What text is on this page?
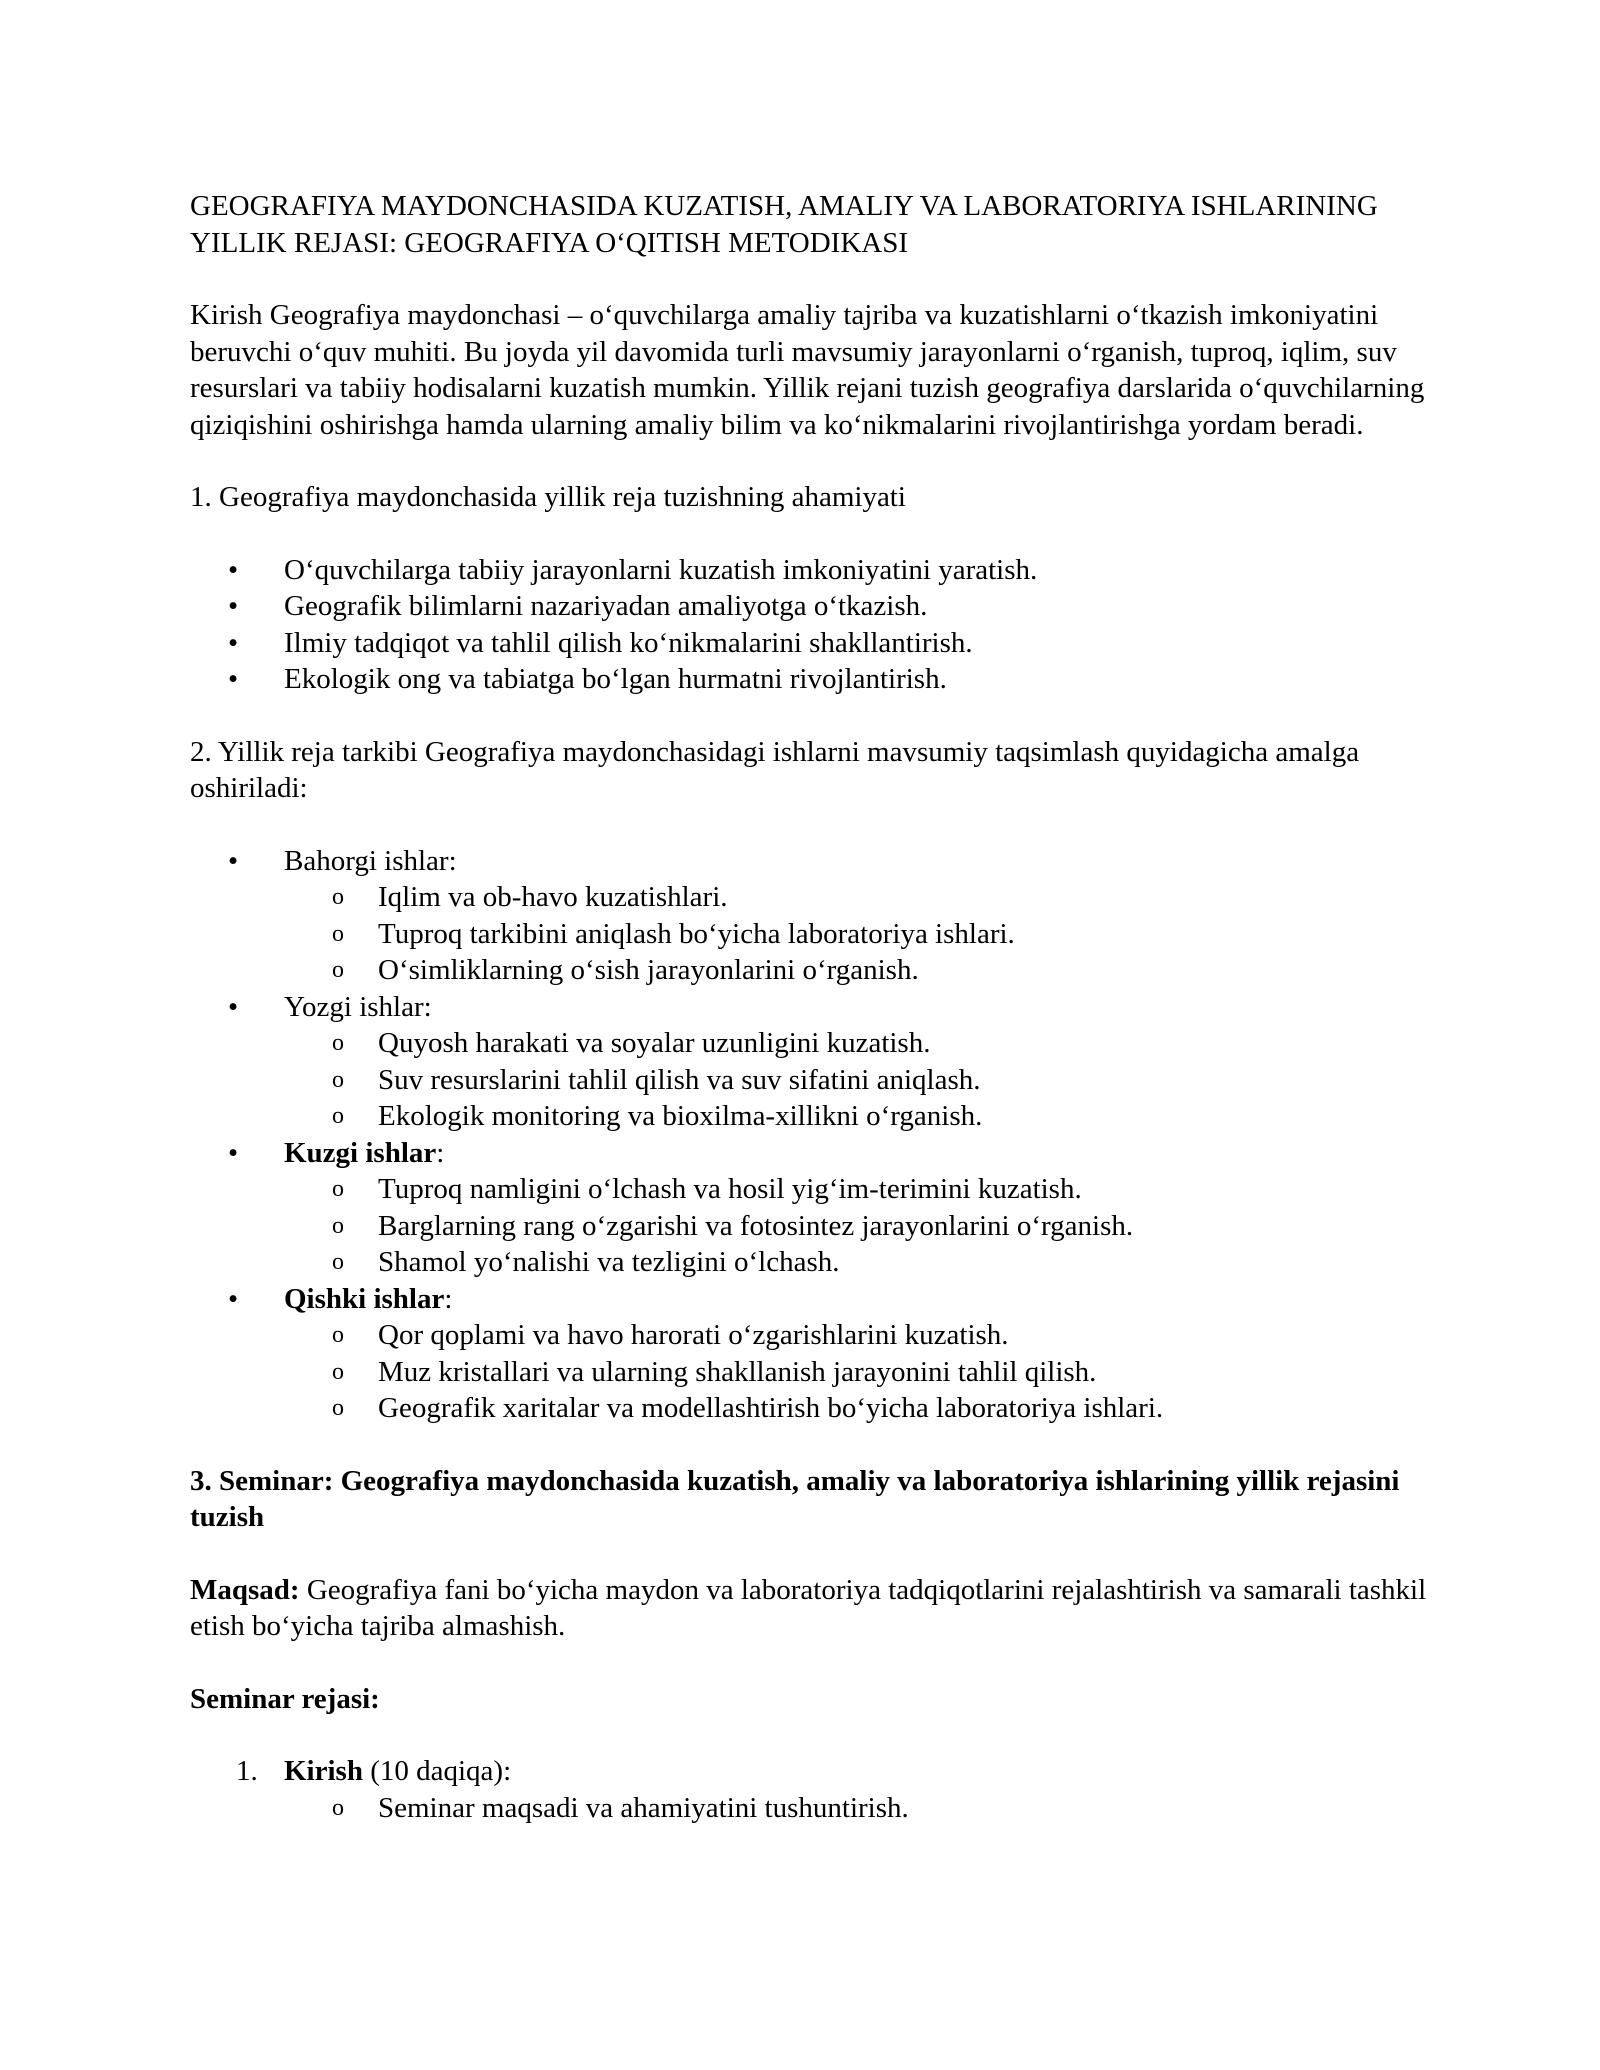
GEOGRAFIYA MAYDONCHASIDA KUZATISH, AMALIY VA LABORATORIYA ISHLARINING YILLIK REJASI: GEOGRAFIYA O‘QITISH METODIKASI

Kirish Geografiya maydonchasi – o‘quvchilarga amaliy tajriba va kuzatishlarni o‘tkazish imkoniyatini beruvchi o‘quv muhiti. Bu joyda yil davomida turli mavsumiy jarayonlarni o‘rganish, tuproq, iqlim, suv resurslari va tabiiy hodisalarni kuzatish mumkin. Yillik rejani tuzish geografiya darslarida o‘quvchilarning qiziqishini oshirishga hamda ularning amaliy bilim va ko‘nikmalarini rivojlantirishga yordam beradi.

1. Geografiya maydonchasida yillik reja tuzishning ahamiyati

•	O‘quvchilarga tabiiy jarayonlarni kuzatish imkoniyatini yaratish.
•	Geografik bilimlarni nazariyadan amaliyotga o‘tkazish.
•	Ilmiy tadqiqot va tahlil qilish ko‘nikmalarini shakllantirish.
•	Ekologik ong va tabiatga bo‘lgan hurmatni rivojlantirish.

2. Yillik reja tarkibi Geografiya maydonchasidagi ishlarni mavsumiy taqsimlash quyidagicha amalga oshiriladi:

•	Bahorgi ishlar:
o Iqlim va ob-havo kuzatishlari.
o Tuproq tarkibini aniqlash bo‘yicha laboratoriya ishlari.
o O‘simliklarning o‘sish jarayonlarini o‘rganish.
•	Yozgi ishlar:
o Quyosh harakati va soyalar uzunligini kuzatish.
o Suv resurslarini tahlil qilish va suv sifatini aniqlash.
o Ekologik monitoring va bioxilma-xillikni o‘rganish.
•	Kuzgi ishlar:
o Tuproq namligini o‘lchash va hosil yig‘im-terimini kuzatish.
o Barglarning rang o‘zgarishi va fotosintez jarayonlarini o‘rganish.
o Shamol yo‘nalishi va tezligini o‘lchash.
•	Qishki ishlar:
o Qor qoplami va havo harorati o‘zgarishlarini kuzatish.
o Muz kristallari va ularning shakllanish jarayonini tahlil qilish.
o Geografik xaritalar va modellashtirish bo‘yicha laboratoriya ishlari.

3. Seminar: Geografiya maydonchasida kuzatish, amaliy va laboratoriya ishlarining yillik rejasini tuzish

Maqsad: Geografiya fani bo‘yicha maydon va laboratoriya tadqiqotlarini rejalashtirish va samarali tashkil etish bo‘yicha tajriba almashish.

Seminar rejasi:

1. Kirish (10 daqiqa):
o Seminar maqsadi va ahamiyatini tushuntirish.
